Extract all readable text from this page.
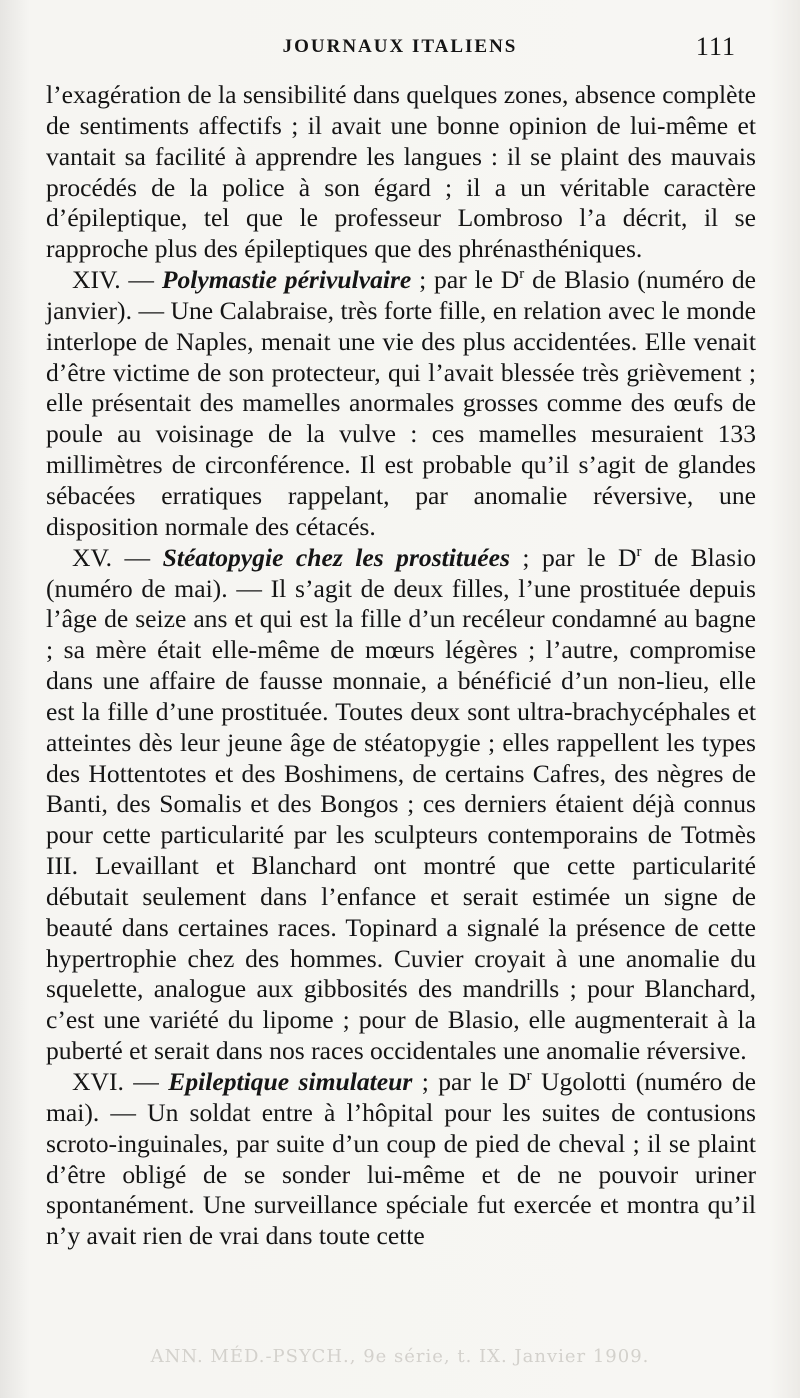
JOURNAUX ITALIENS	111

l’exagération de la sensibilité dans quelques zones, absence complète de sentiments affectifs ; il avait une bonne opinion de lui-même et vantait sa facilité à apprendre les langues : il se plaint des mauvais procédés de la police à son égard ; il a un véritable caractère d’épileptique, tel que le professeur Lombroso l’a décrit, il se rapproche plus des épileptiques que des phrénasthéniques.

XIV. — Polymastie périvulvaire ; par le $D^r$ de Blasio (numéro de janvier). — Une Calabraise, très forte fille, en relation avec le monde interlope de Naples, menait une vie des plus accidentées. Elle venait d’être victime de son protecteur, qui l’avait blessée très grièvement ; elle présentait des mamelles anormales grosses comme des œufs de poule au voisinage de la vulve : ces mamelles mesuraient 133 millimètres de circonférence. Il est probable qu’il s’agit de glandes sébacées erratiques rappelant, par anomalie réversive, une disposition normale des cétacés.

XV. — Stéatopygie chez les prostituées ; par le $D^r$ de Blasio (numéro de mai). — Il s’agit de deux filles, l’une prostituée depuis l’âge de seize ans et qui est la fille d’un recéleur condamné au bagne ; sa mère était elle-même de mœurs légères ; l’autre, compromise dans une affaire de fausse monnaie, a bénéficié d’un non-lieu, elle est la fille d’une prostituée. Toutes deux sont ultra-brachycéphales et atteintes dès leur jeune âge de stéatopygie ; elles rappellent les types des Hottentotes et des Boshimens, de certains Cafres, des nègres de Banti, des Somalis et des Bongos ; ces derniers étaient déjà connus pour cette particularité par les sculpteurs contemporains de Totmès III. Levaillant et Blanchard ont montré que cette particularité débutait seulement dans l’enfance et serait estimée un signe de beauté dans certaines races. Topinard a signalé la présence de cette hypertrophie chez des hommes. Cuvier croyait à une anomalie du squelette, analogue aux gibbosités des mandrills ; pour Blanchard, c’est une variété du lipome ; pour de Blasio, elle augmenterait à la puberté et serait dans nos races occidentales une anomalie réversive.

XVI. — Epileptique simulateur ; par le $D^r$ Ugolotti (numéro de mai). — Un soldat entre à l’hôpital pour les suites de contusions scroto-inguinales, par suite d’un coup de pied de cheval ; il se plaint d’être obligé de se sonder lui-même et de ne pouvoir uriner spontanément. Une surveillance spéciale fut exercée et montra qu’il n’y avait rien de vrai dans toute cette

ANN. MÉD.-PSYCH., 9e série, t. IX. Janvier 1909.
